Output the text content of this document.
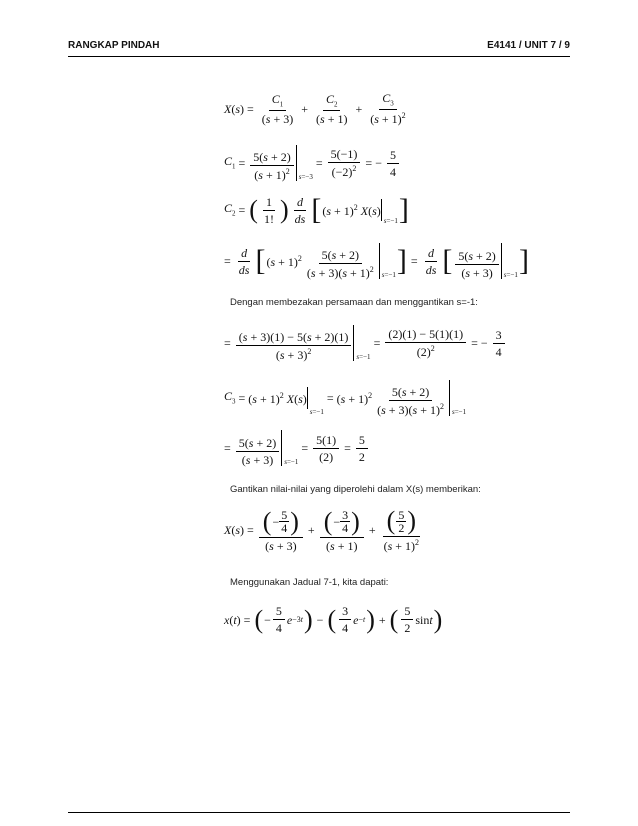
RANGKAP PINDAH	E4141 / UNIT 7 / 9
$X(s) = \frac{C_1}{(s + 3)} + \frac{C_2}{(s + 1)} + \frac{C_3}{(s + 1)^2}$
$C_1 = \frac{5(s + 2)}{(s + 1)^2} s=-3$
= $\frac{5(-1)}{(-2)^2}$ = − $\frac{5}{4}$
$C_2$ = ( $\frac{1}{1!}$ ) $\frac{d}{ds}$ [ $(s + 1)^2$ X(s)
s=−1 ]
= $\frac{d}{ds}$ [ $(s + 1)^2 \frac{5(s + 2)}{(s + 3)(s + 1)^2} s=-1$ ] = $\frac{d}{ds}$ [ $\frac{5(s + 2)}{(s + 3)} s=-1$ ]
Dengan membezakan persamaan dan menggantikan s=-1:
= $\frac{(s + 3)(1) - 5(s + 2)(1)}{(s + 3)^2} s=-1$
= $\frac{(2)(1) - 5(1)(1)}{(2)^2}$ = − $\frac{3}{4}$
$C_3 = (s + 1)^2$ X(s)
s=−1
= $(s + 1)^2 \frac{5(s + 2)}{(s + 3)(s + 1)^2} s=-1$
= $\frac{5(s + 2)}{(s + 3)} s=-1$
= $\frac{5(1)}{(2)} = \frac{5}{2}$
Gantikan nilai-nilai yang diperolehi dalam X(s) memberikan:
X(s) = ( − 5
4 )
(s + 3) + ( − 3
4 )
(s + 1) + ( 5
2 )
$(s + 1)^2$
Menggunakan Jadual 7-1, kita dapati:
x(t) = ( − $\frac{5}{4}$ e −3t ) − ( $\frac{3}{4}$ e −t ) + ( $\frac{5}{2}$ sin t )
